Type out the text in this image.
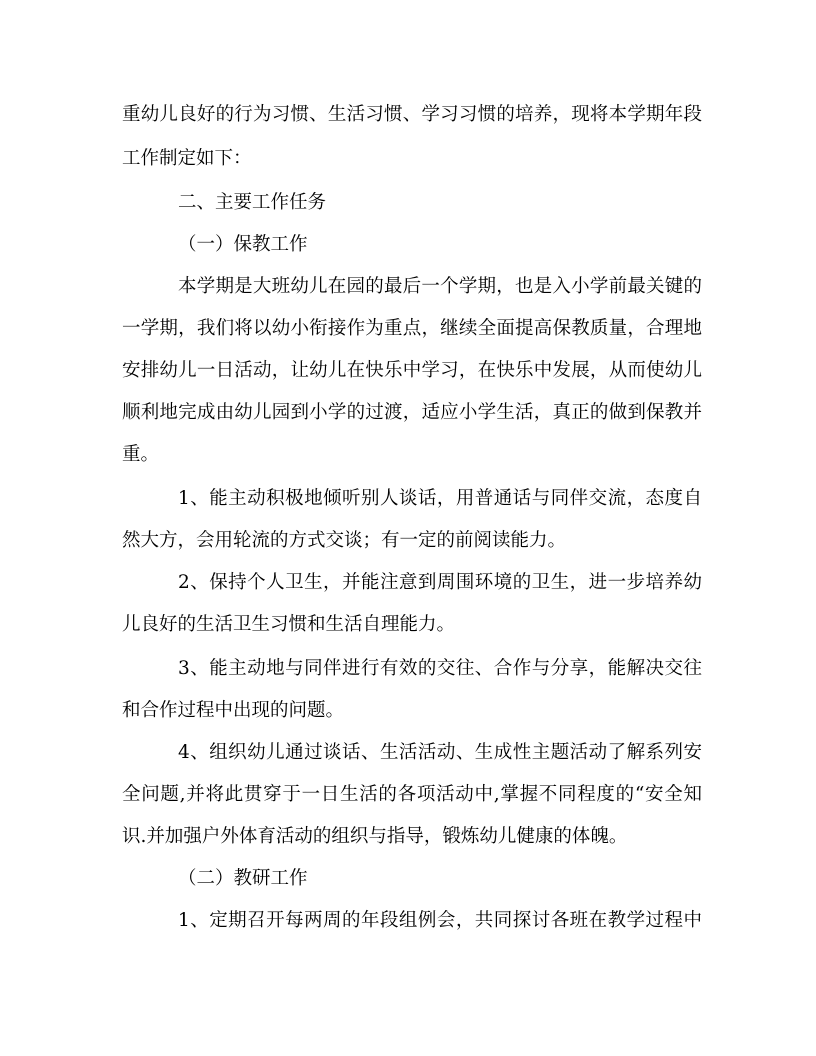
重幼儿良好的行为习惯、生活习惯、学习习惯的培养，现将本学期年段
工作制定如下：
二、主要工作任务
（一）保教工作
本学期是大班幼儿在园的最后一个学期，也是入小学前最关键的
一学期，我们将以幼小衔接作为重点，继续全面提高保教质量，合理地
安排幼儿一日活动，让幼儿在快乐中学习，在快乐中发展，从而使幼儿
顺利地完成由幼儿园到小学的过渡，适应小学生活，真正的做到保教并
重。
1、能主动积极地倾听别人谈话，用普通话与同伴交流，态度自
然大方，会用轮流的方式交谈；有一定的前阅读能力。
2、保持个人卫生，并能注意到周围环境的卫生，进一步培养幼
儿良好的生活卫生习惯和生活自理能力。
3、能主动地与同伴进行有效的交往、合作与分享，能解决交往
和合作过程中出现的问题。
4、组织幼儿通过谈话、生活活动、生成性主题活动了解系列安
全问题,并将此贯穿于一日生活的各项活动中,掌握不同程度的“安全知
识.并加强户外体育活动的组织与指导，锻炼幼儿健康的体魄。
（二）教研工作
1、定期召开每两周的年段组例会，共同探讨各班在教学过程中
